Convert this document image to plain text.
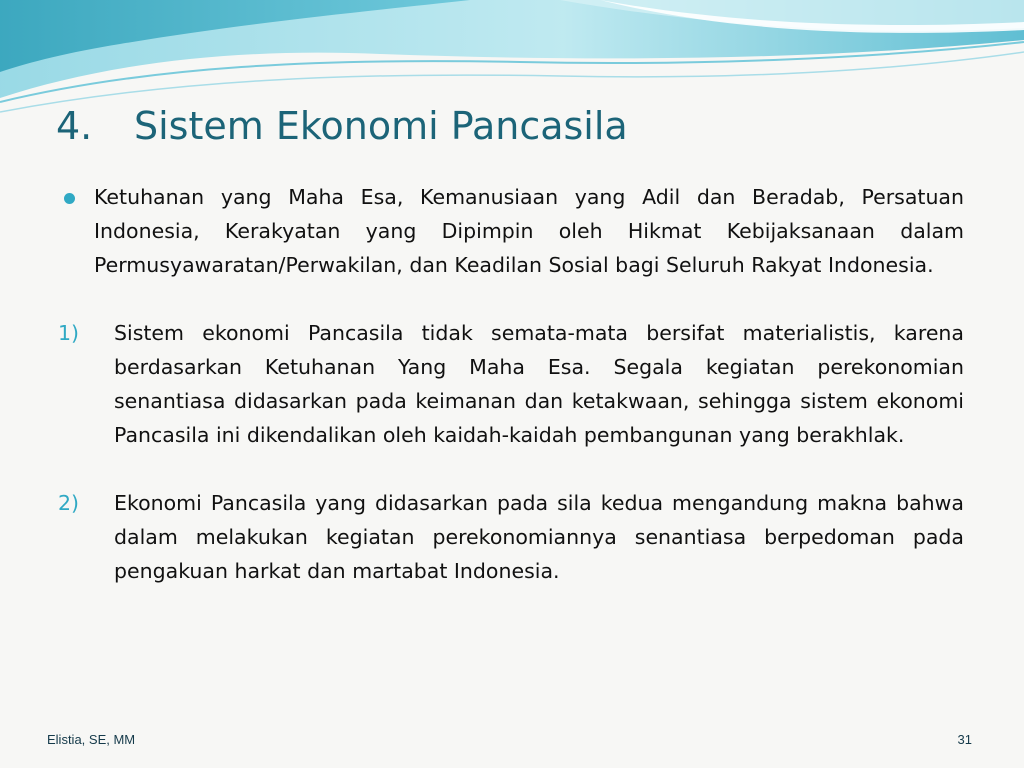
4.	Sistem Ekonomi Pancasila
Ketuhanan yang Maha Esa, Kemanusiaan yang Adil dan Beradab, Persatuan Indonesia, Kerakyatan yang Dipimpin oleh Hikmat Kebijaksanaan dalam Permusyawaratan/Perwakilan, dan Keadilan Sosial bagi Seluruh Rakyat Indonesia.
1) Sistem ekonomi Pancasila tidak semata-mata bersifat materialistis, karena berdasarkan Ketuhanan Yang Maha Esa. Segala kegiatan perekonomian senantiasa didasarkan pada keimanan dan ketakwaan, sehingga sistem ekonomi Pancasila ini dikendalikan oleh kaidah-kaidah pembangunan yang berakhlak.
2) Ekonomi Pancasila yang didasarkan pada sila kedua mengandung makna bahwa dalam melakukan kegiatan perekonomiannya senantiasa berpedoman pada pengakuan harkat dan martabat Indonesia.
Elistia, SE, MM	31
